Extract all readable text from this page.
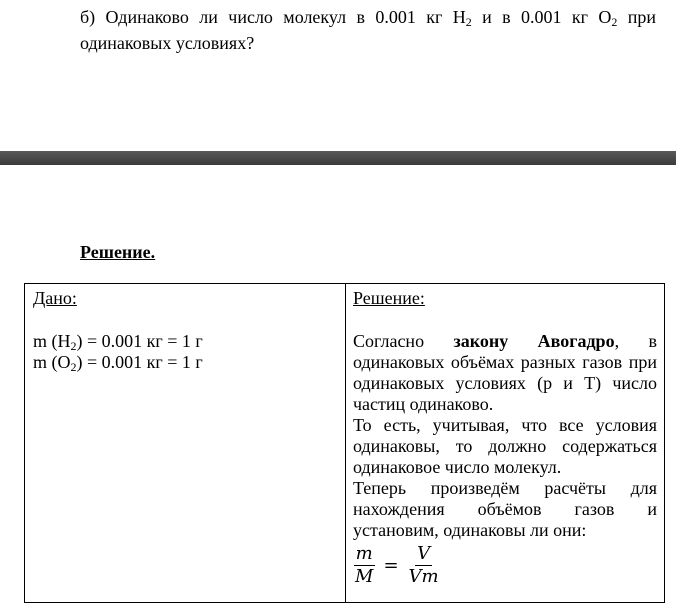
б) Одинаково ли число молекул в 0.001 кг $H_2$ и в 0.001 кг $O_2$ при одинаковых условиях?
Решение.
Дано:
m $(H_2) = 0.001$ кг = 1 г
m $(O_2) = 0.001$ кг = 1 г
Решение:
Согласно закону Авогадро, в одинаковых объёмах разных газов при одинаковых условиях (p и T) число частиц одинаково.
То есть, учитывая, что все условия одинаковы, то должно содержаться одинаковое число молекул.
Теперь произведём расчёты для нахождения объёмов газов и установим, одинаковы ли они:
$\frac{m}{M} = \frac{V}{Vm}$
